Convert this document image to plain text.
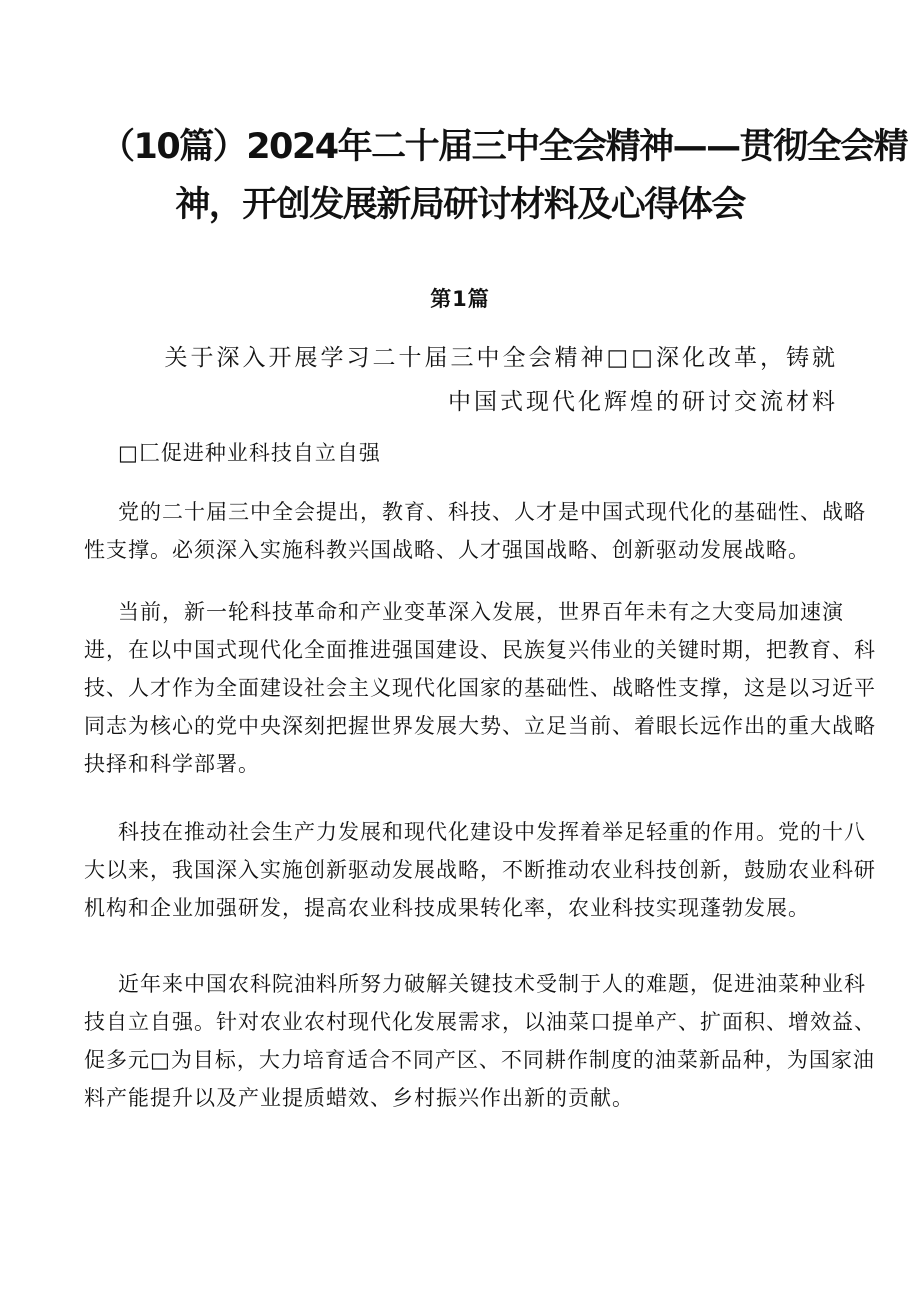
（10篇）2024年二十届三中全会精神——贯彻全会精
神，开创发展新局研讨材料及心得体会
第1篇
关于深入开展学习二十届三中全会精神□□深化改革，铸就
中国式现代化辉煌的研讨交流材料
□匚促进种业科技自立自强

党的二十届三中全会提出，教育、科技、人才是中国式现代化的基础性、战略
性支撑。必须深入实施科教兴国战略、人才强国战略、创新驱动发展战略。

当前，新一轮科技革命和产业变革深入发展，世界百年未有之大变局加速演
进，在以中国式现代化全面推进强国建设、民族复兴伟业的关键时期，把教育、科
技、人才作为全面建设社会主义现代化国家的基础性、战略性支撑，这是以习近平
同志为核心的党中央深刻把握世界发展大势、立足当前、着眼长远作出的重大战略
抉择和科学部署。

科技在推动社会生产力发展和现代化建设中发挥着举足轻重的作用。党的十八
大以来，我国深入实施创新驱动发展战略，不断推动农业科技创新，鼓励农业科研
机构和企业加强研发，提高农业科技成果转化率，农业科技实现蓬勃发展。

近年来中国农科院油料所努力破解关键技术受制于人的难题，促进油菜种业科
技自立自强。针对农业农村现代化发展需求，以油菜口提单产、扩面积、增效益、
促多元□为目标，大力培育适合不同产区、不同耕作制度的油菜新品种，为国家油
料产能提升以及产业提质蜡效、乡村振兴作出新的贡献。
